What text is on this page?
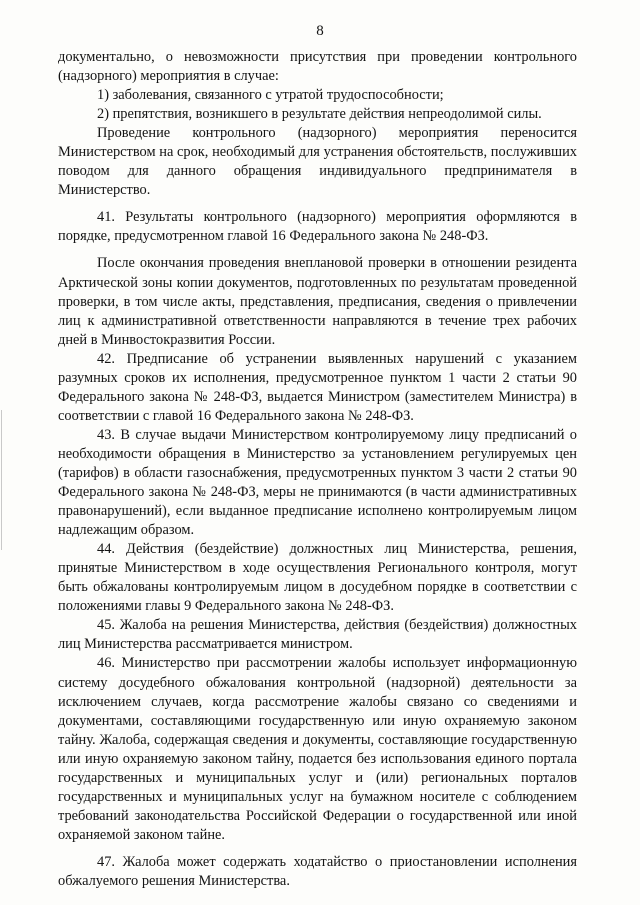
8

документально, о невозможности присутствия при проведении контрольного (надзорного) мероприятия в случае:

1) заболевания, связанного с утратой трудоспособности;

2) препятствия, возникшего в результате действия непреодолимой силы.

Проведение контрольного (надзорного) мероприятия переносится Министерством на срок, необходимый для устранения обстоятельств, послуживших поводом для данного обращения индивидуального предпринимателя в Министерство.

41. Результаты контрольного (надзорного) мероприятия оформляются в порядке, предусмотренном главой 16 Федерального закона № 248-ФЗ.

После окончания проведения внеплановой проверки в отношении резидента Арктической зоны копии документов, подготовленных по результатам проведенной проверки, в том числе акты, представления, предписания, сведения о привлечении лиц к административной ответственности направляются в течение трех рабочих дней в Минвостокразвития России.

42. Предписание об устранении выявленных нарушений с указанием разумных сроков их исполнения, предусмотренное пунктом 1 части 2 статьи 90 Федерального закона № 248-ФЗ, выдается Министром (заместителем Министра) в соответствии с главой 16 Федерального закона № 248-ФЗ.

43. В случае выдачи Министерством контролируемому лицу предписаний о необходимости обращения в Министерство за установлением регулируемых цен (тарифов) в области газоснабжения, предусмотренных пунктом 3 части 2 статьи 90 Федерального закона № 248-ФЗ, меры не принимаются (в части административных правонарушений), если выданное предписание исполнено контролируемым лицом надлежащим образом.

44. Действия (бездействие) должностных лиц Министерства, решения, принятые Министерством в ходе осуществления Регионального контроля, могут быть обжалованы контролируемым лицом в досудебном порядке в соответствии с положениями главы 9 Федерального закона № 248-ФЗ.

45. Жалоба на решения Министерства, действия (бездействия) должностных лиц Министерства рассматривается министром.

46. Министерство при рассмотрении жалобы использует информационную систему досудебного обжалования контрольной (надзорной) деятельности за исключением случаев, когда рассмотрение жалобы связано со сведениями и документами, составляющими государственную или иную охраняемую законом тайну. Жалоба, содержащая сведения и документы, составляющие государственную или иную охраняемую законом тайну, подается без использования единого портала государственных и муниципальных услуг и (или) региональных порталов государственных и муниципальных услуг на бумажном носителе с соблюдением требований законодательства Российской Федерации о государственной или иной охраняемой законом тайне.

47. Жалоба может содержать ходатайство о приостановлении исполнения обжалуемого решения Министерства.
